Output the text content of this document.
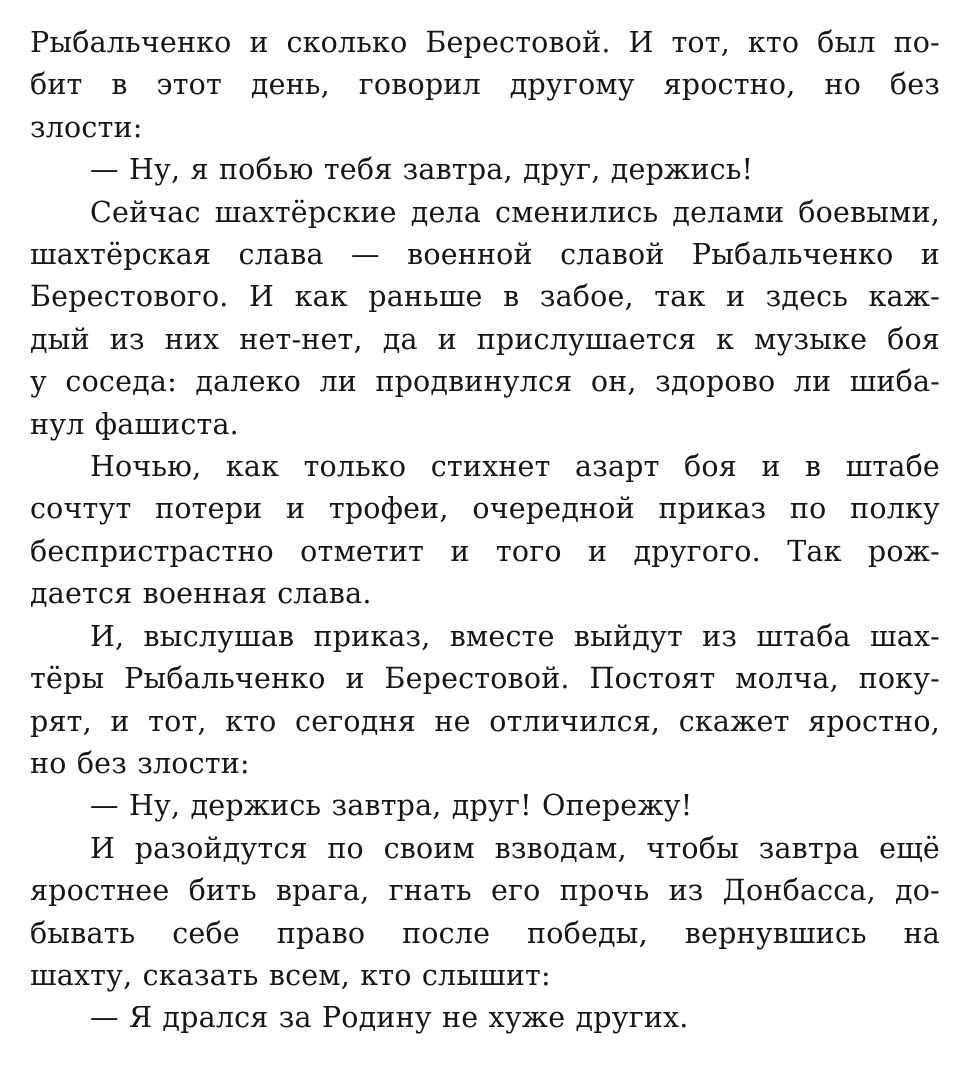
Рыбальченко и сколько Берестовой. И тот, кто был по-
бит в этот день, говорил другому яростно, но без
злости:
— Ну, я побью тебя завтра, друг, держись!
Сейчас шахтёрские дела сменились делами боевыми,
шахтёрская слава — военной славой Рыбальченко и
Берестового. И как раньше в забое, так и здесь каж-
дый из них нет-нет, да и прислушается к музыке боя
у соседа: далеко ли продвинулся он, здорово ли шиба-
нул фашиста.
Ночью, как только стихнет азарт боя и в штабе
сочтут потери и трофеи, очередной приказ по полку
беспристрастно отметит и того и другого. Так рож-
дается военная слава.
И, выслушав приказ, вместе выйдут из штаба шах-
тёры Рыбальченко и Берестовой. Постоят молча, поку-
рят, и тот, кто сегодня не отличился, скажет яростно,
но без злости:
— Ну, держись завтра, друг! Опережу!
И разойдутся по своим взводам, чтобы завтра ещё
яростнее бить врага, гнать его прочь из Донбасса, до-
бывать себе право после победы, вернувшись на
шахту, сказать всем, кто слышит:
— Я дрался за Родину не хуже других.
